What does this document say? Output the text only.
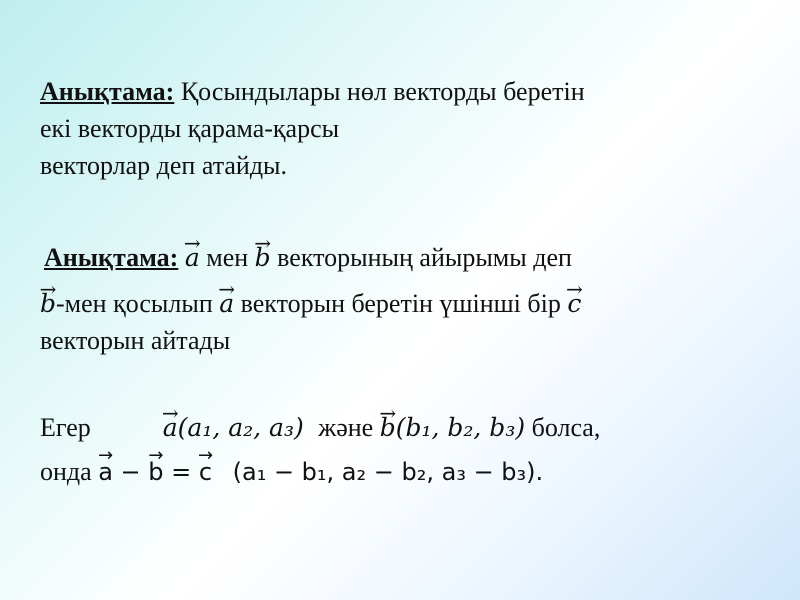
Анықтама: Қосындылары нөл векторды беретін
екі векторды қарама-қарсы
векторлар деп атайды.
Анықтама: → a мен → b векторының айырымы деп
→ b-мен қосылып → a векторын беретін үшінші бір → c
векторын айтады
Егер	→ a(a₁, a₂, a₃) және → b(b₁, b₂, b₃) болса,
онда → a − → b = → c (a₁ − b₁, a₂ − b₂, a₃ − b₃).
